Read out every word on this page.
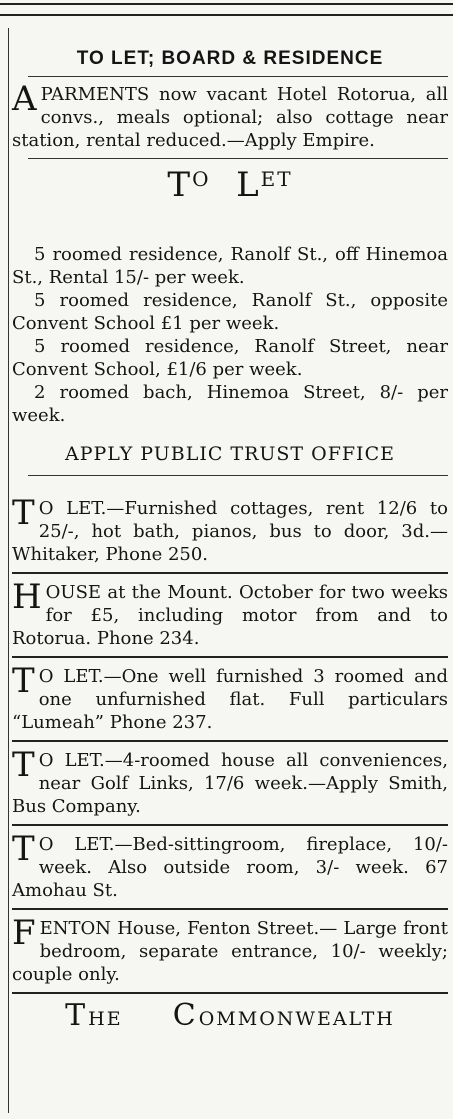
TO LET; BOARD & RESIDENCE
APARMENTS now vacant Hotel Rotorua, all convs., meals optional; also cottage near station, rental reduced.—Apply Empire.
$T^O$ $L^{ET}$

5 roomed residence, Ranolf St., off Hinemoa St., Rental 15/- per week.

5 roomed residence, Ranolf St., opposite Convent School £1 per week.

5 roomed residence, Ranolf Street, near Convent School, £1/6 per week.

2 roomed bach, Hinemoa Street, 8/- per week.

APPLY PUBLIC TRUST OFFICE
T O LET.—Furnished cottages, rent 12/6 to 25/-, hot bath, pianos, bus to door, 3d.—Whitaker, Phone 250.
HOUSE at the Mount. October for two weeks for £5, including motor from and to Rotorua. Phone 234.
T O LET.—One well furnished 3 roomed and one unfurnished flat. Full particulars “Lumeah” Phone 237.
T O LET.—4-roomed house all conveniences, near Golf Links, 17/6 week.—Apply Smith, Bus Company.
T O LET.—Bed-sittingroom, fireplace, 10/- week. Also outside room, 3/- week. 67 Amohau St.
FENTON House, Fenton Street.— Large front bedroom, separate entrance, 10/- weekly; couple only.
THE COMMONWEALTH
